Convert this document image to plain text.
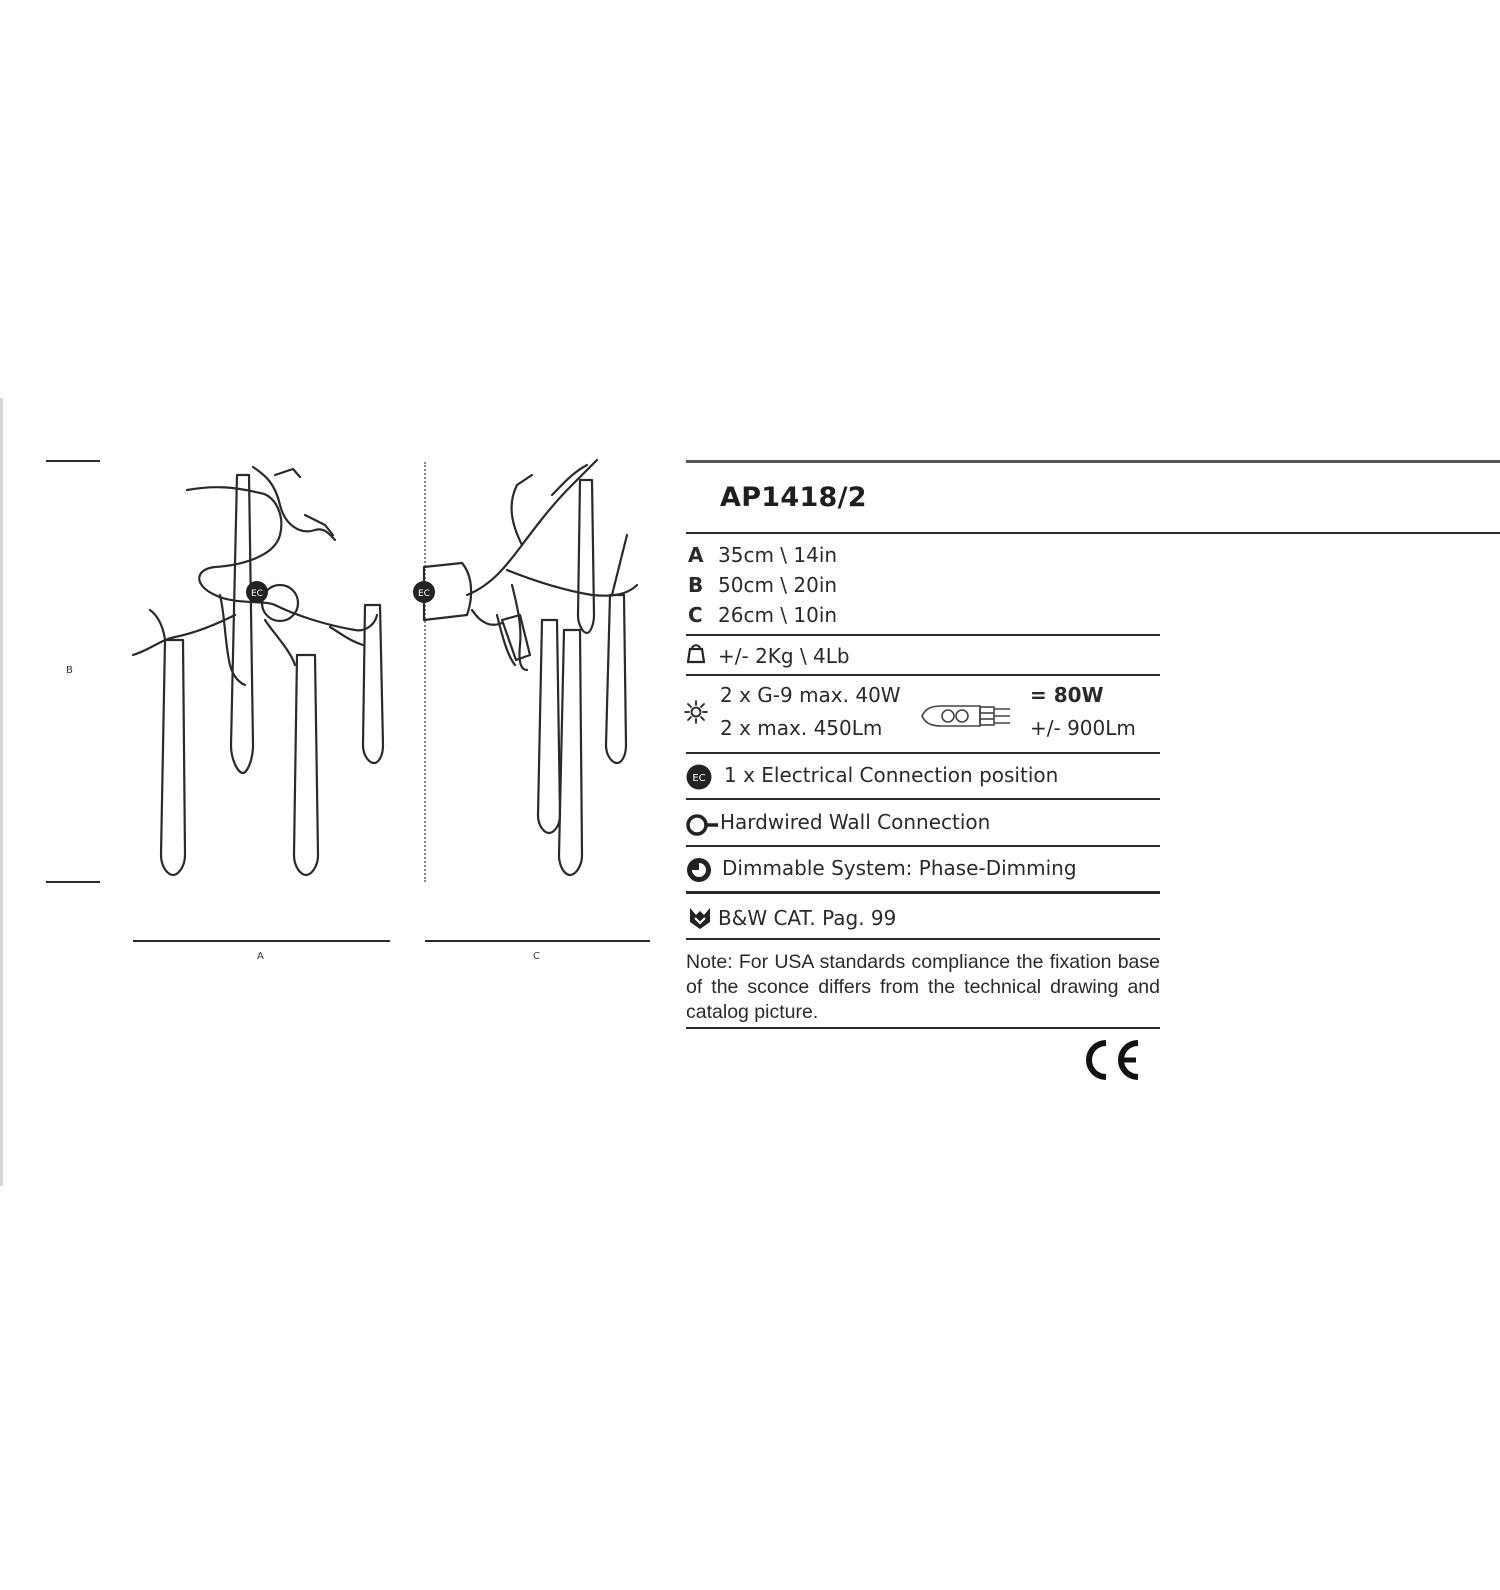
B
A	C
EC	EC
AP1418/2
A 35cm \ 14in
B 50cm \ 20in
C 26cm \ 10in
+/- 2Kg \ 4Lb
2 x G-9 max. 40W
2 x max. 450Lm
= 80W
+/- 900Lm
EC 1 x Electrical Connection position
Hardwired Wall Connection
Dimmable System: Phase-Dimming
B&W CAT. Pag. 99
Note: For USA standards compliance the fixation base of the sconce differs from the technical drawing and catalog picture.
CE
